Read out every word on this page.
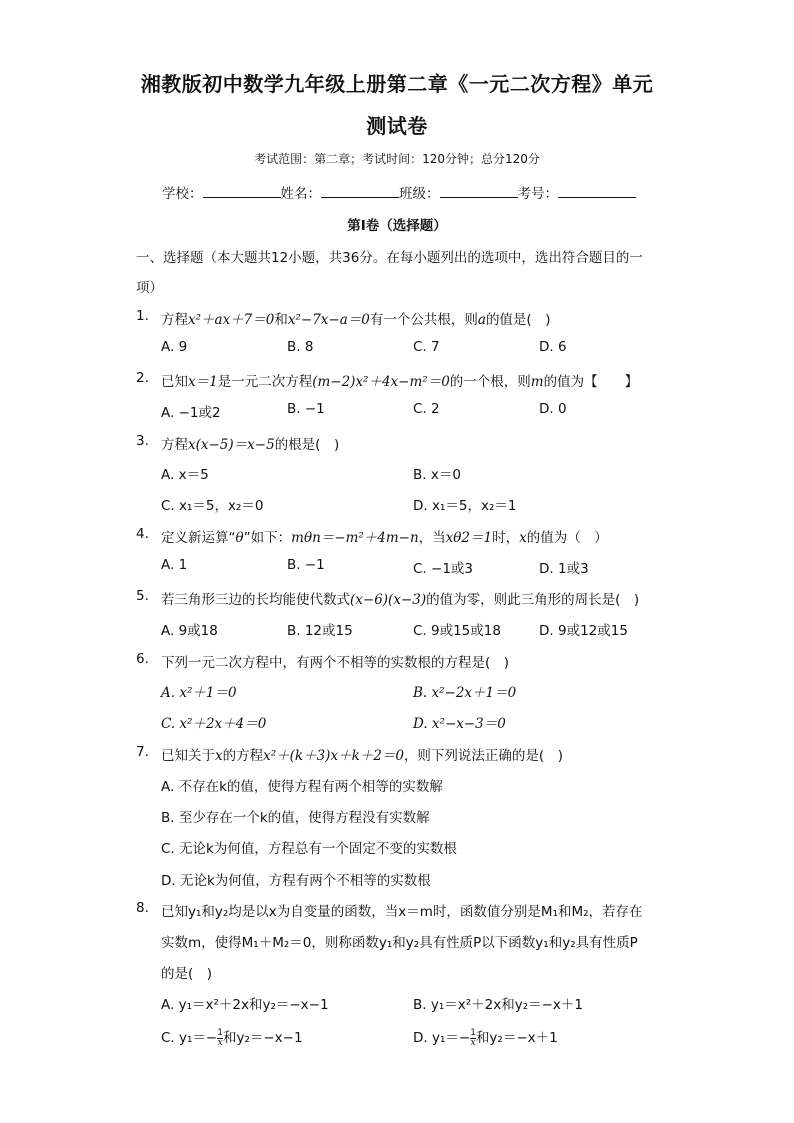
湘教版初中数学九年级上册第二章《一元二次方程》单元
测试卷
考试范围：第二章；考试时间：120分钟；总分120分
学校：	姓名：	班级：	考号：
第I卷（选择题）
一、选择题（本大题共12小题，共36分。在每小题列出的选项中，选出符合题目的一
项）
1. 方程x²＋ax＋7＝0和x²−7x−a＝0有一个公共根，则a的值是(　)
A. 9	B. 8	C. 7	D. 6
2. 已知x＝1是一元二次方程(m−2)x²＋4x−m²＝0的一个根，则m的值为【　　】
A. −1或2	B. −1	C. 2	D. 0
3. 方程x(x−5)＝x−5的根是(　)
A. x＝5	B. x＝0
C. x₁＝5，x₂＝0	D. x₁＝5，x₂＝1
4. 定义新运算“θ”如下：mθn＝−m²＋4m−n，当xθ2＝1时，x的值为（　）
A. 1	B. −1	C. −1或3	D. 1或3
5. 若三角形三边的长均能使代数式(x−6)(x−3)的值为零，则此三角形的周长是(　)
A. 9或18	B. 12或15	C. 9或15或18	D. 9或12或15
6. 下列一元二次方程中，有两个不相等的实数根的方程是(　)
A. x²＋1＝0	B. x²−2x＋1＝0
C. x²＋2x＋4＝0	D. x²−x−3＝0
7. 已知关于x的方程x²＋(k＋3)x＋k＋2＝0，则下列说法正确的是(　)
A. 不存在k的值，使得方程有两个相等的实数解
B. 至少存在一个k的值，使得方程没有实数解
C. 无论k为何值，方程总有一个固定不变的实数根
D. 无论k为何值，方程有两个不相等的实数根
8. 已知y₁和y₂均是以x为自变量的函数，当x＝m时，函数值分别是M₁和M₂，若存在
实数m，使得M₁＋M₂＝0，则称函数y₁和y₂具有性质P以下函数y₁和y₂具有性质P
的是(　)
A. y₁＝x²＋2x和y₂＝−x−1	B. y₁＝x²＋2x和y₂＝−x＋1
C. $y_1=- \frac{1}{x}$ 和y₂＝−x−1	D. $y_1=- \frac{1}{x}$ 和y₂＝−x＋1
